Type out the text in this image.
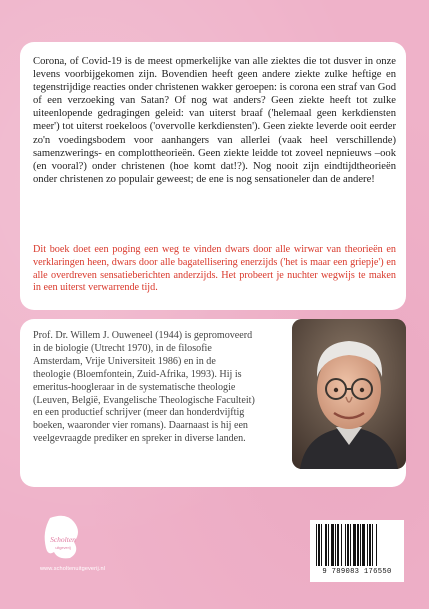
Corona, of Covid-19 is de meest opmerkelijke van alle ziektes die tot dusver in onze levens voorbijgekomen zijn. Bovendien heeft geen andere ziekte zulke heftige en tegenstrijdige reacties onder christenen wakker geroepen: is corona een straf van God of een verzoeking van Satan? Of nog wat anders? Geen ziekte heeft tot zulke uiteenlopende gedragingen geleid: van uiterst braaf ('helemaal geen kerkdiensten meer') tot uiterst roekeloos ('overvolle kerkdiensten'). Geen ziekte leverde ooit eerder zo'n voedingsbodem voor aanhangers van allerlei (vaak heel verschillende) samenzwerings- en complottheorieën. Geen ziekte leidde tot zoveel nepnieuws –ook (en vooral?) onder christenen (hoe komt dat!?). Nog nooit zijn eindtijdtheorieën onder christenen zo populair geweest; de ene is nog sensationeler dan de andere!

Dit boek doet een poging een weg te vinden dwars door alle wirwar van theorieën en verklaringen heen, dwars door alle bagatellisering enerzijds ('het is maar een griepje') en alle overdreven sensatieberichten anderzijds. Het probeert je nuchter wegwijs te maken in een uiterst verwarrende tijd.

Prof. Dr. Willem J. Ouweneel (1944) is gepromoveerd in de biologie (Utrecht 1970), in de filosofie Amsterdam, Vrije Universiteit 1986) en in de theologie (Bloemfontein, Zuid-Afrika, 1993). Hij is emeritus-hoogleraar in de systematische theologie (Leuven, België, Evangelische Theologische Faculteit) en een productief schrijver (meer dan honderdvijftig boeken, waaronder vier romans). Daarnaast is hij een veelgevraagde prediker en spreker in diverse landen.

Scholten
uitgeverij
www.scholtenuitgeverij.nl	9 789083 176550
